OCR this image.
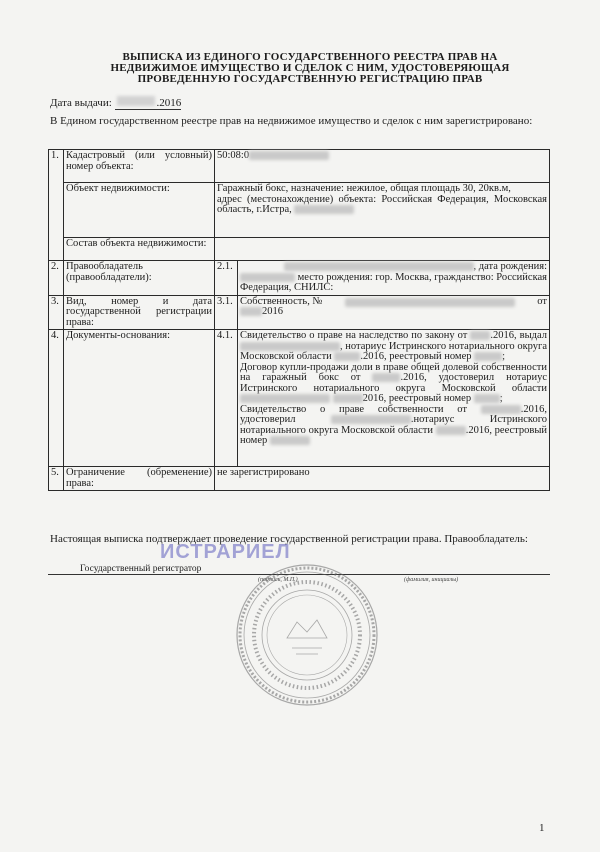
ВЫПИСКА ИЗ ЕДИНОГО ГОСУДАРСТВЕННОГО РЕЕСТРА ПРАВ НА
НЕДВИЖИМОЕ ИМУЩЕСТВО И СДЕЛОК С НИМ, УДОСТОВЕРЯЮЩАЯ
ПРОВЕДЕННУЮ ГОСУДАРСТВЕННУЮ РЕГИСТРАЦИЮ ПРАВ
Дата выдачи:	.2016
В Едином государственном реестре прав на недвижимое имущество и сделок с ним зарегистрировано:
1.	Кадастровый (или условный) номер объекта:	50:08:0	
	Объект недвижимости:	Гаражный бокс, назначение: нежилое, общая площадь 30, 20кв.м,
адрес (местонахождение) объекта: Российская Федерация, Московская область, г.Истра,	

	Состав объекта недвижимости:		
2.	Правообладатель (правообладатели):	2.1.	, дата рождения:
место рождения: гор. Москва, гражданство: Российская Федерация, СНИЛС:

3.	Вид, номер и дата государственной регистрации права:	3.1.	Собственность, № от
2016

4.	Документы-основания:	4.1.	Свидетельство о праве на наследство по закону от .2016, выдал , нотариус Истринского нотариального округа Московской области .2016, реестровый номер ;
Договор купли-продажи доли в праве общей долевой собственности на гаражный бокс от .2016, удостоверил нотариус Истринского нотариального округа Московской области  2016, реестровый номер ;
Свидетельство о праве собственности от .2016, удостоверил .нотариус Истринского нотариального округа Московской области .2016, реестровый номер

5.	Ограничение (обременение) права:	не зарегистрировано	
Настоящая выписка подтверждает проведение государственной регистрации права. Правообладатель:
ИСТРАРИЕЛ
Государственный регистратор
(подпись, М.П.)	(фамилия, инициалы)
1
